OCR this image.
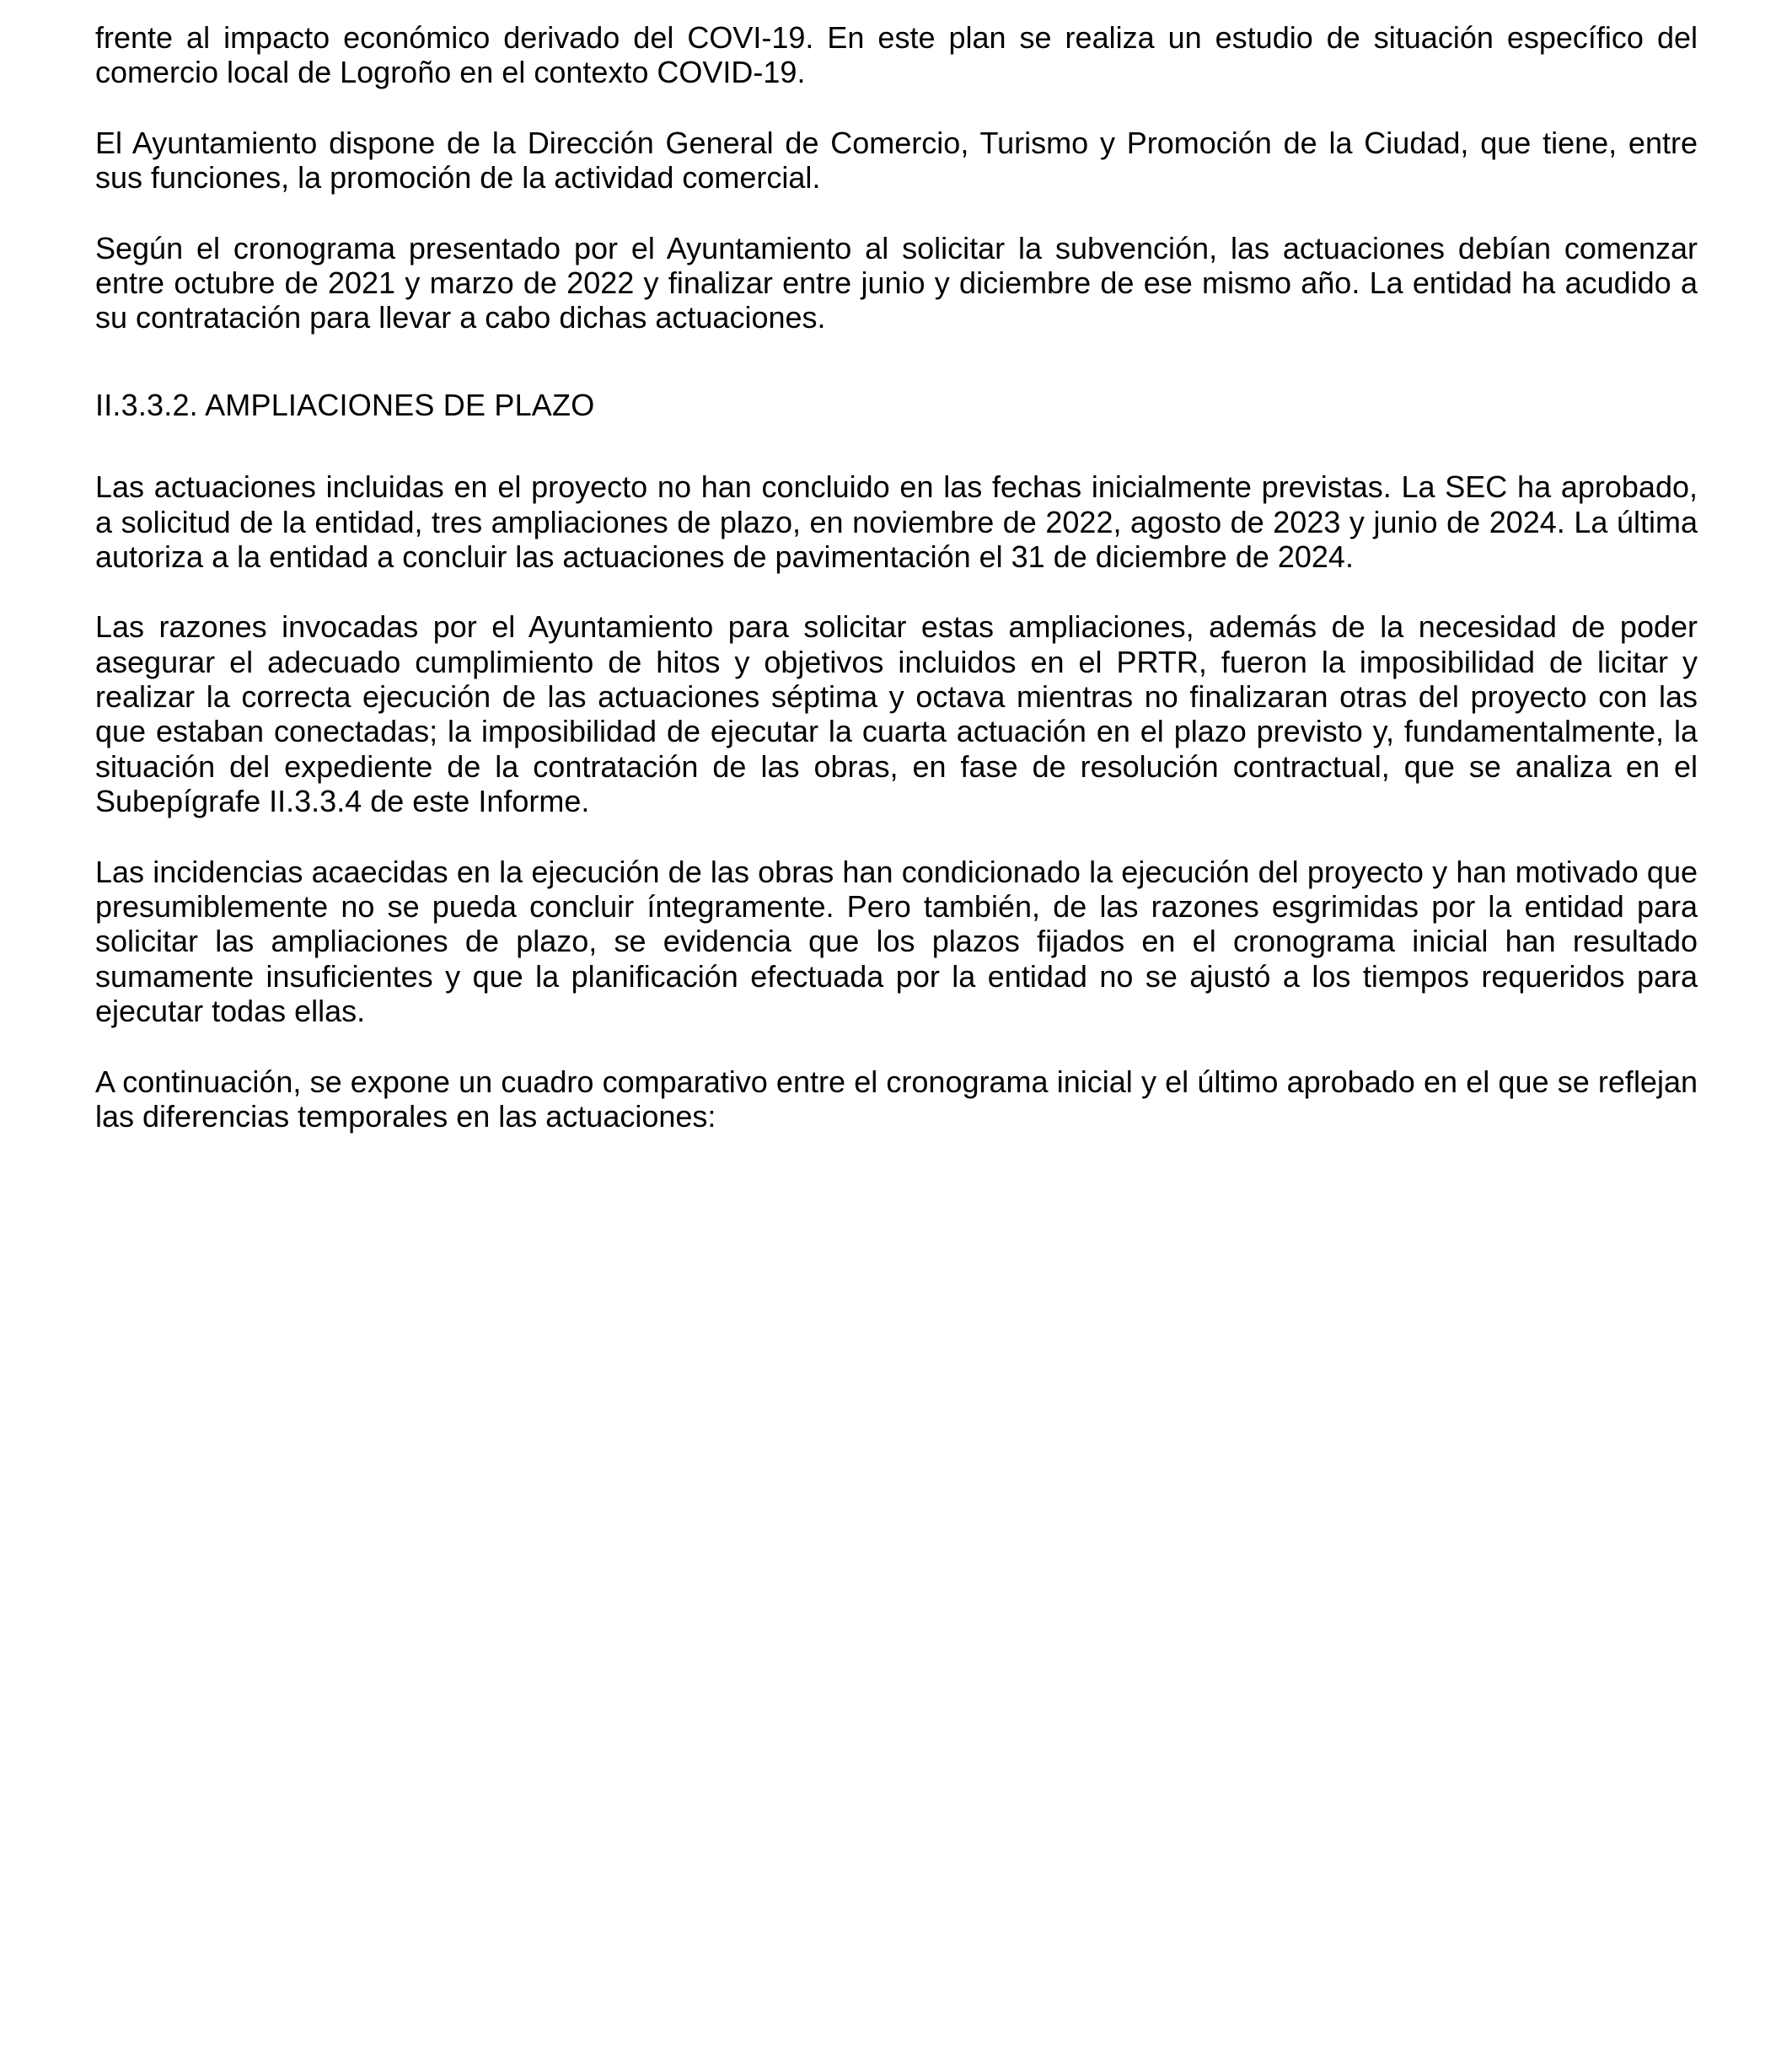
frente al impacto económico derivado del COVI-19. En este plan se realiza un estudio de situación específico del comercio local de Logroño en el contexto COVID-19.

El Ayuntamiento dispone de la Dirección General de Comercio, Turismo y Promoción de la Ciudad, que tiene, entre sus funciones, la promoción de la actividad comercial.

Según el cronograma presentado por el Ayuntamiento al solicitar la subvención, las actuaciones debían comenzar entre octubre de 2021 y marzo de 2022 y finalizar entre junio y diciembre de ese mismo año. La entidad ha acudido a su contratación para llevar a cabo dichas actuaciones.

II.3.3.2. AMPLIACIONES DE PLAZO

Las actuaciones incluidas en el proyecto no han concluido en las fechas inicialmente previstas. La SEC ha aprobado, a solicitud de la entidad, tres ampliaciones de plazo, en noviembre de 2022, agosto de 2023 y junio de 2024. La última autoriza a la entidad a concluir las actuaciones de pavimentación el 31 de diciembre de 2024.

Las razones invocadas por el Ayuntamiento para solicitar estas ampliaciones, además de la necesidad de poder asegurar el adecuado cumplimiento de hitos y objetivos incluidos en el PRTR, fueron la imposibilidad de licitar y realizar la correcta ejecución de las actuaciones séptima y octava mientras no finalizaran otras del proyecto con las que estaban conectadas; la imposibilidad de ejecutar la cuarta actuación en el plazo previsto y, fundamentalmente, la situación del expediente de la contratación de las obras, en fase de resolución contractual, que se analiza en el Subepígrafe II.3.3.4 de este Informe.

Las incidencias acaecidas en la ejecución de las obras han condicionado la ejecución del proyecto y han motivado que presumiblemente no se pueda concluir íntegramente. Pero también, de las razones esgrimidas por la entidad para solicitar las ampliaciones de plazo, se evidencia que los plazos fijados en el cronograma inicial han resultado sumamente insuficientes y que la planificación efectuada por la entidad no se ajustó a los tiempos requeridos para ejecutar todas ellas.

A continuación, se expone un cuadro comparativo entre el cronograma inicial y el último aprobado en el que se reflejan las diferencias temporales en las actuaciones:
